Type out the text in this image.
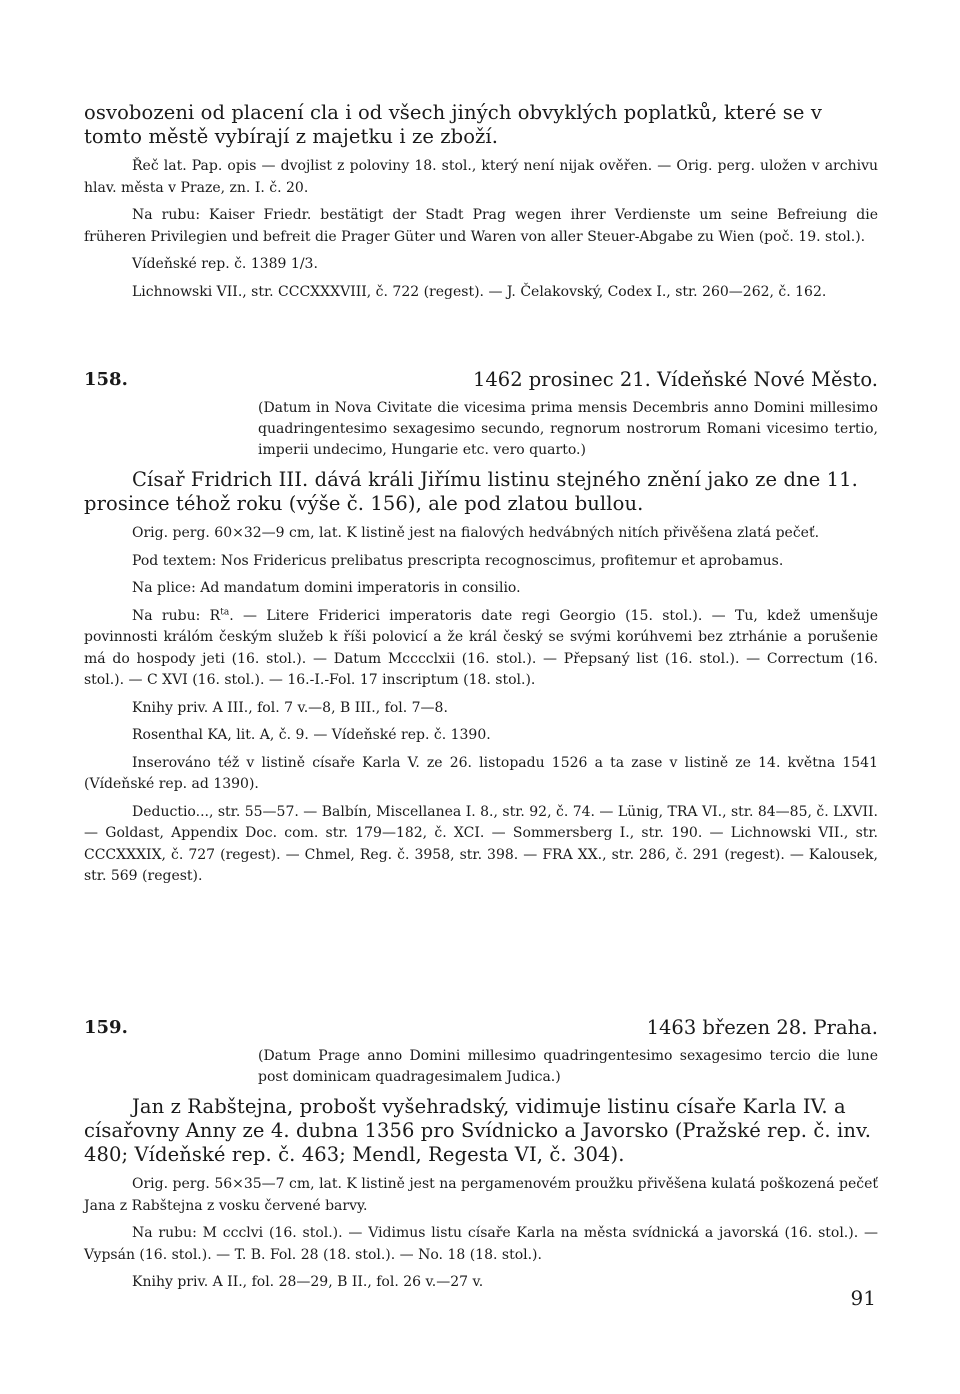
osvobozeni od placení cla i od všech jiných obvyklých poplatků, které se v tomto městě vybírají z majetku i ze zboží.

Řeč lat. Pap. opis — dvojlist z poloviny 18. stol., který není nijak ověřen. — Orig. perg. uložen v archivu hlav. města v Praze, zn. I. č. 20.

Na rubu: Kaiser Friedr. bestätigt der Stadt Prag wegen ihrer Verdienste um seine Befreiung die früheren Privilegien und befreit die Prager Güter und Waren von aller Steuer-Abgabe zu Wien (poč. 19. stol.).

Vídeňské rep. č. 1389 1/3.

Lichnowski VII., str. CCCXXXVIII, č. 722 (regest). — J. Čelakovský, Codex I., str. 260—262, č. 162.

158.	1462 prosinec 21. Vídeňské Nové Město.

(Datum in Nova Civitate die vicesima prima mensis Decembris anno Domini millesimo quadringentesimo sexagesimo secundo, regnorum nostrorum Romani vicesimo tertio, imperii undecimo, Hungarie etc. vero quarto.)

Císař Fridrich III. dává králi Jiřímu listinu stejného znění jako ze dne 11. prosince téhož roku (výše č. 156), ale pod zlatou bullou.

Orig. perg. 60×32—9 cm, lat. K listině jest na fialových hedvábných nitích přivěšena zlatá pečeť.

Pod textem: Nos Fridericus prelibatus prescripta recognoscimus, profitemur et aprobamus.

Na plice: Ad mandatum domini imperatoris in consilio.

Na rubu: $R^{ta}$. — Litere Friderici imperatoris date regi Georgio (15. stol.). — Tu, kdež umenšuje povinnosti králóm českým služeb k říši polovicí a že král český se svými korúhvemi bez ztrhánie a porušenie má do hospody jeti (16. stol.). — Datum Mcccclxii (16. stol.). — Přepsaný list (16. stol.). — Correctum (16. stol.). — C XVI (16. stol.). — 16.-I.-Fol. 17 inscriptum (18. stol.).

Knihy priv. A III., fol. 7 v.—8, B III., fol. 7—8.

Rosenthal KA, lit. A, č. 9. — Vídeňské rep. č. 1390.

Inserováno též v listině císaře Karla V. ze 26. listopadu 1526 a ta zase v listině ze 14. května 1541 (Vídeňské rep. ad 1390).

Deductio..., str. 55—57. — Balbín, Miscellanea I. 8., str. 92, č. 74. — Lünig, TRA VI., str. 84—85, č. LXVII. — Goldast, Appendix Doc. com. str. 179—182, č. XCI. — Sommersberg I., str. 190. — Lichnowski VII., str. CCCXXXIX, č. 727 (regest). — Chmel, Reg. č. 3958, str. 398. — FRA XX., str. 286, č. 291 (regest). — Kalousek, str. 569 (regest).

159.	1463 březen 28. Praha.

(Datum Prage anno Domini millesimo quadringentesimo sexagesimo tercio die lune post dominicam quadragesimalem Judica.)

Jan z Rabštejna, probošt vyšehradský, vidimuje listinu císaře Karla IV. a císařovny Anny ze 4. dubna 1356 pro Svídnicko a Javorsko (Pražské rep. č. inv. 480; Vídeňské rep. č. 463; Mendl, Regesta VI, č. 304).

Orig. perg. 56×35—7 cm, lat. K listině jest na pergamenovém proužku přivěšena kulatá poškozená pečeť Jana z Rabštejna z vosku červené barvy.

Na rubu: M ccclvi (16. stol.). — Vidimus listu císaře Karla na města svídnická a javorská (16. stol.). — Vypsán (16. stol.). — T. B. Fol. 28 (18. stol.). — No. 18 (18. stol.).

Knihy priv. A II., fol. 28—29, B II., fol. 26 v.—27 v.

91
